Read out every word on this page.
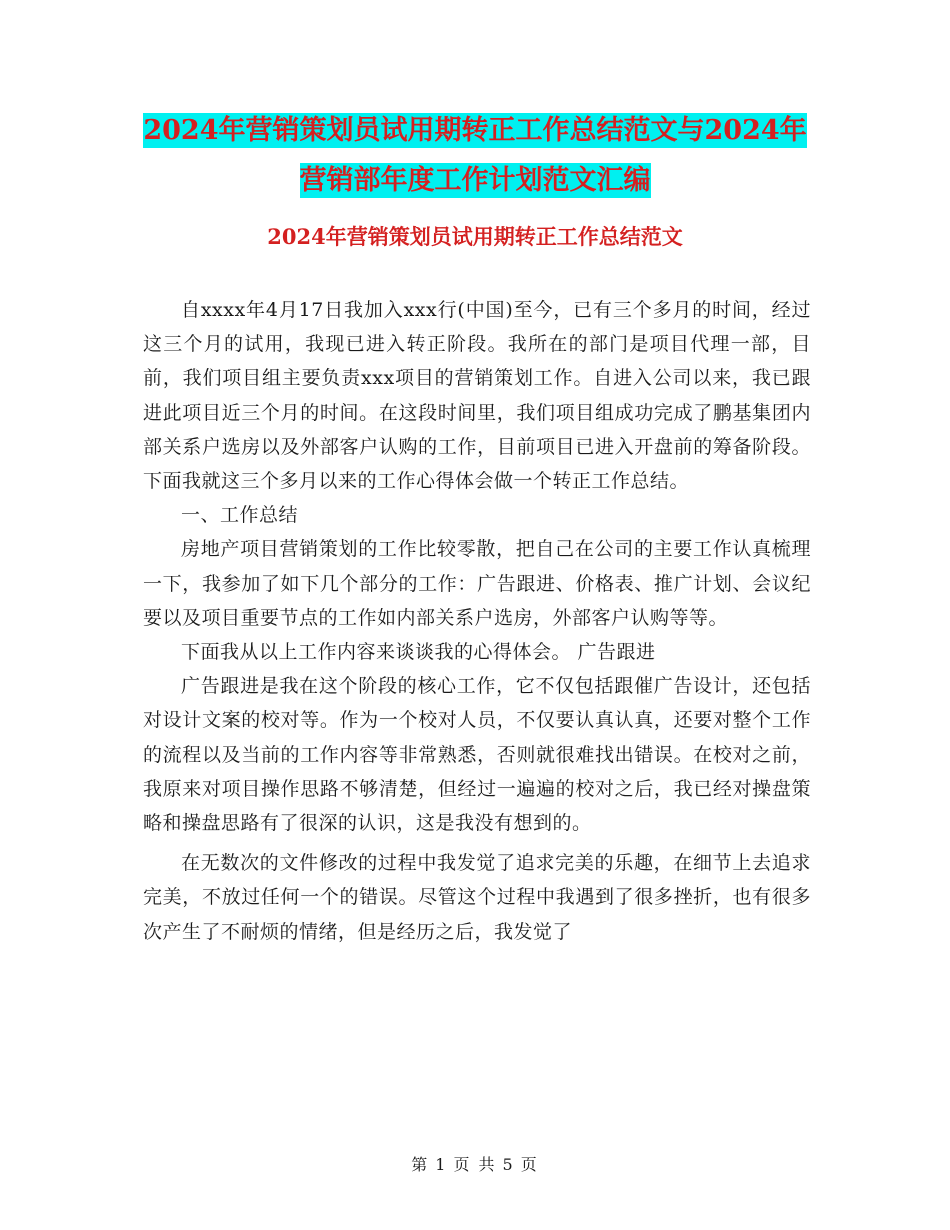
2024年营销策划员试用期转正工作总结范文与2024年
营销部年度工作计划范文汇编
2024年营销策划员试用期转正工作总结范文

自xxxx年4月17日我加入xxx行(中国)至今，已有三个多月的时间，经过这三个月的试用，我现已进入转正阶段。我所在的部门是项目代理一部，目前，我们项目组主要负责xxx项目的营销策划工作。自进入公司以来，我已跟进此项目近三个月的时间。在这段时间里，我们项目组成功完成了鹏基集团内部关系户选房以及外部客户认购的工作，目前项目已进入开盘前的筹备阶段。下面我就这三个多月以来的工作心得体会做一个转正工作总结。

一、工作总结

房地产项目营销策划的工作比较零散，把自己在公司的主要工作认真梳理一下，我参加了如下几个部分的工作：广告跟进、价格表、推广计划、会议纪要以及项目重要节点的工作如内部关系户选房，外部客户认购等等。

下面我从以上工作内容来谈谈我的心得体会。 广告跟进

广告跟进是我在这个阶段的核心工作，它不仅包括跟催广告设计，还包括对设计文案的校对等。作为一个校对人员，不仅要认真认真，还要对整个工作的流程以及当前的工作内容等非常熟悉，否则就很难找出错误。在校对之前，我原来对项目操作思路不够清楚，但经过一遍遍的校对之后，我已经对操盘策略和操盘思路有了很深的认识，这是我没有想到的。

在无数次的文件修改的过程中我发觉了追求完美的乐趣，在细节上去追求完美，不放过任何一个的错误。尽管这个过程中我遇到了很多挫折，也有很多次产生了不耐烦的情绪，但是经历之后，我发觉了

第 1 页 共 5 页
